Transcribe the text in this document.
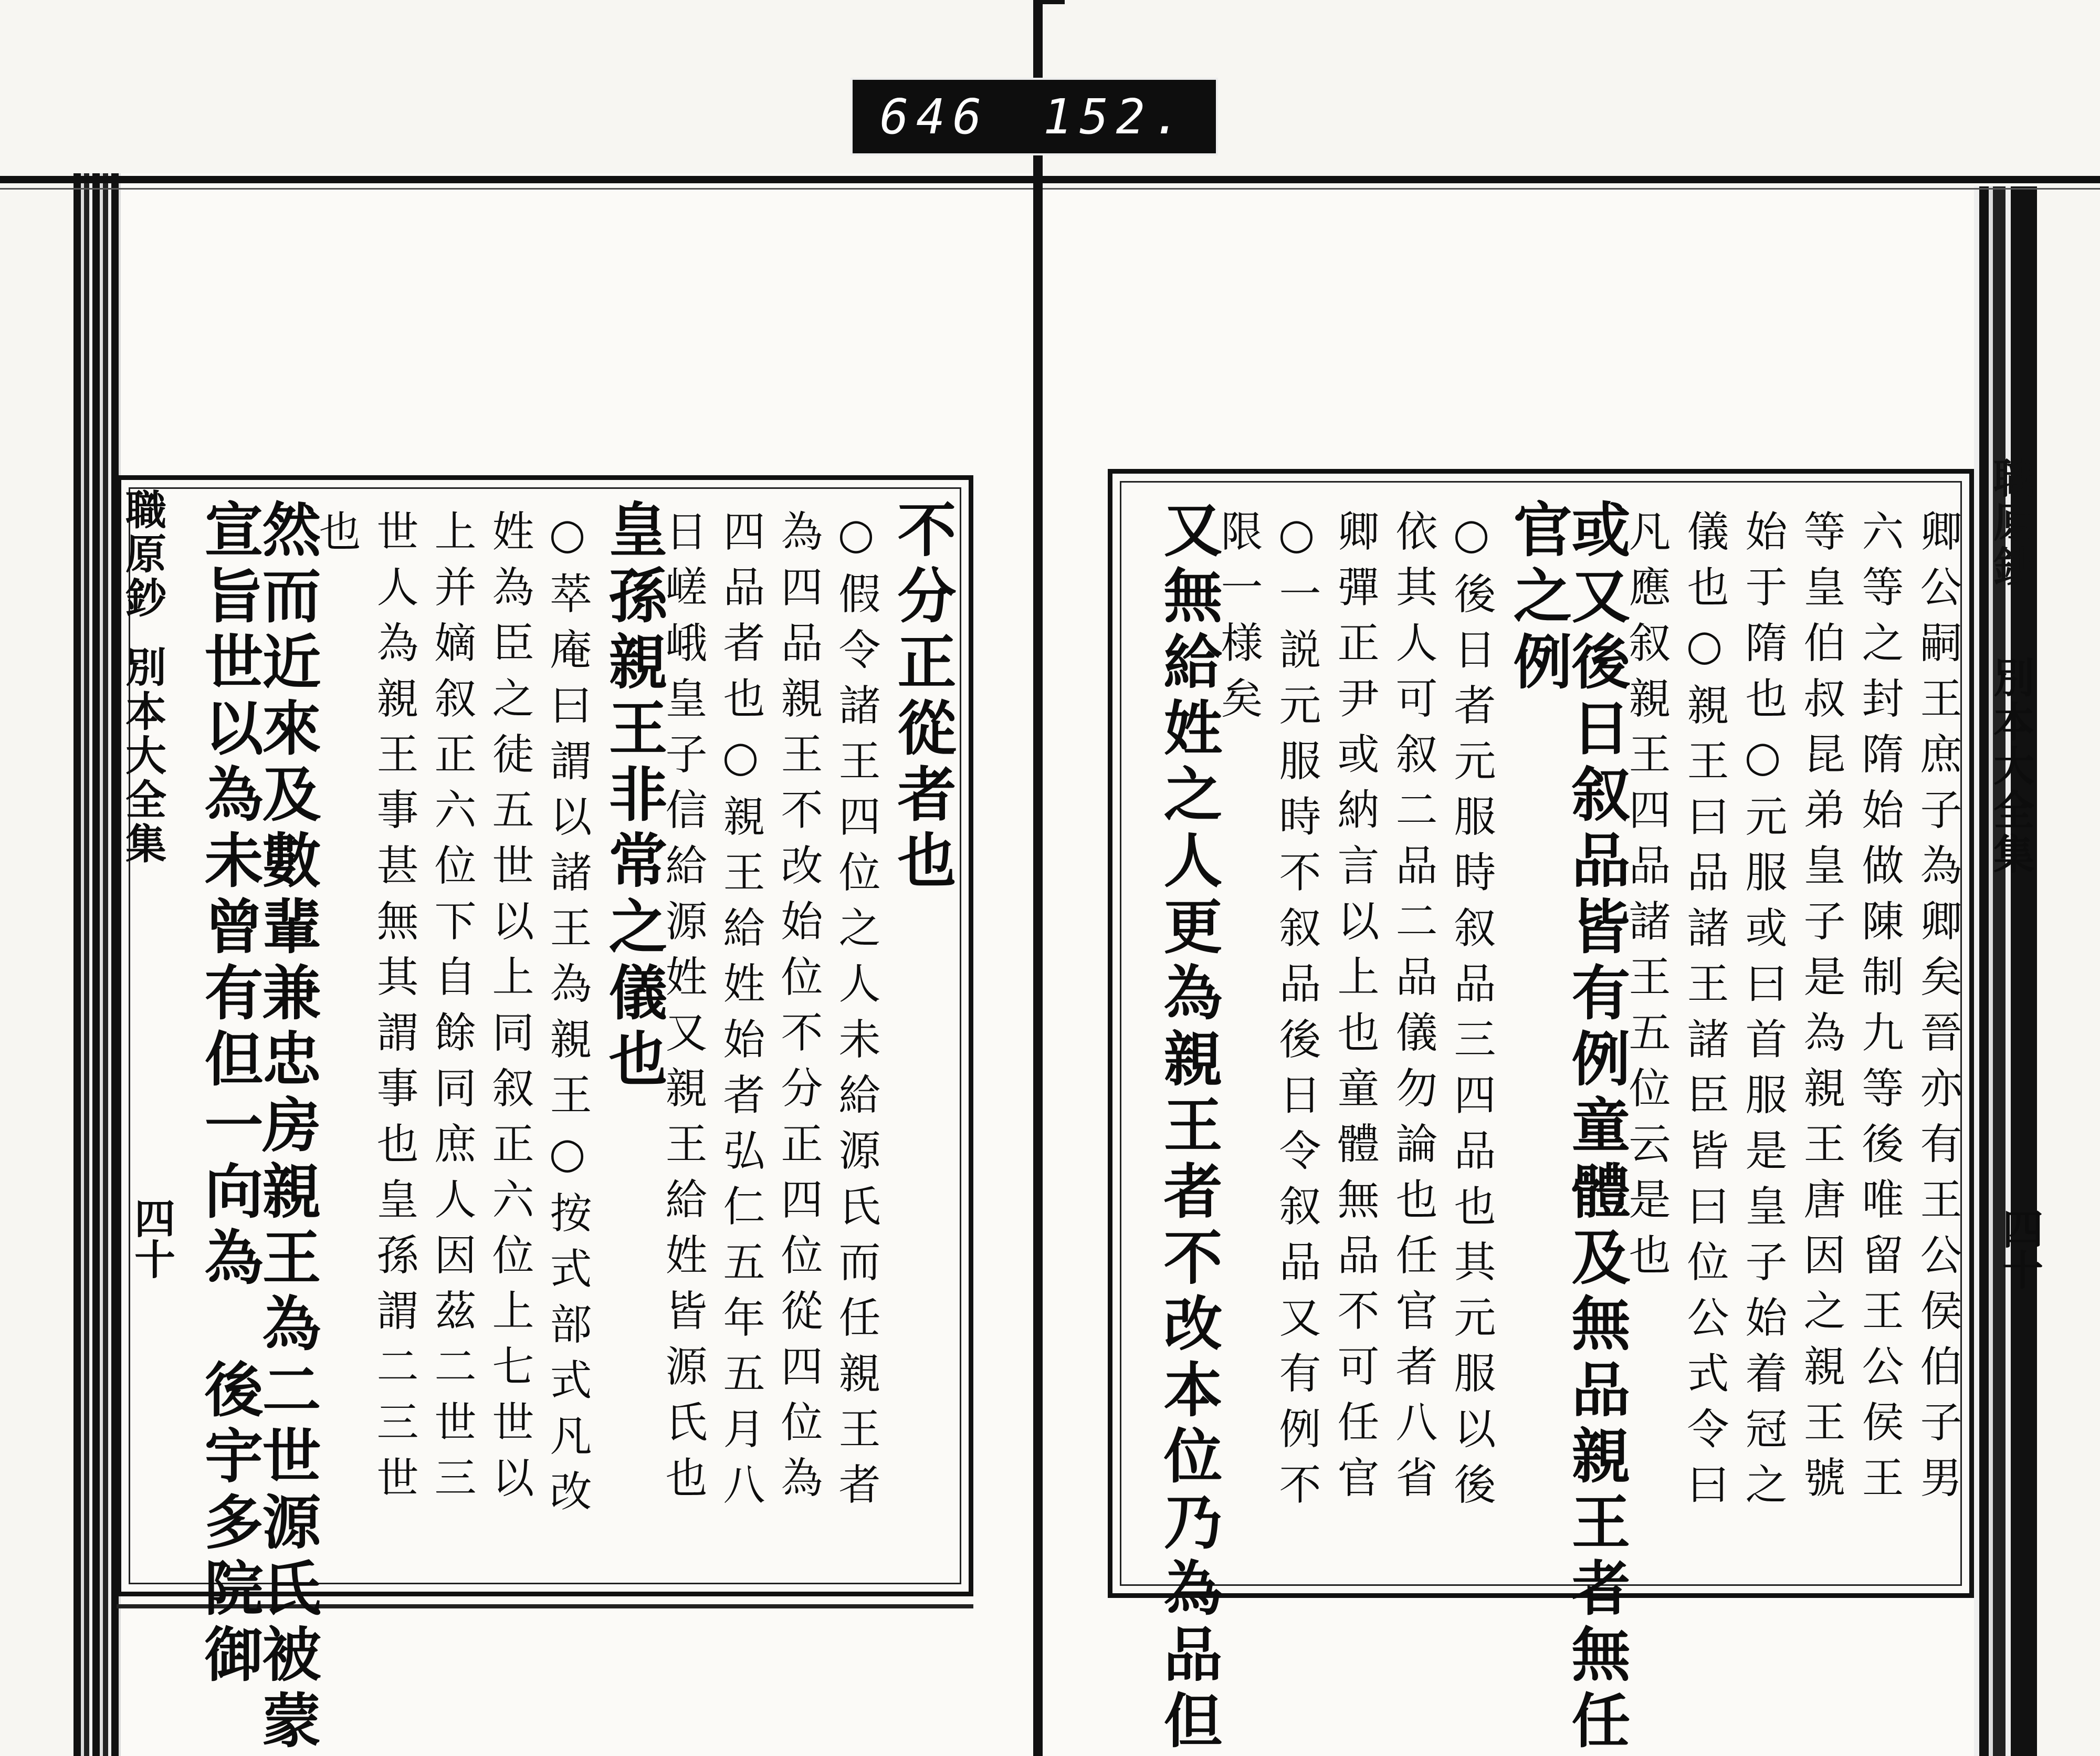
646 152.
職原鈔
別本大全集
四十
不分正從者也
○假令諸王四位之人未給源氏而任親王者
為四品親王不改始位不分正四位從四位為
四品者也○親王給姓始者弘仁五年五月八
日嵯峨皇子信給源姓又親王給姓皆源氏也
皇孫親王非常之儀也
○萃庵曰謂以諸王為親王○按式部式凡改
姓為臣之徒五世以上同叙正六位上七世以
上并嫡叙正六位下自餘同庶人因茲二世三
世人為親王事甚無其謂事也皇孫謂二三世
也
然而近來及數輩兼忠房親王為二世源氏被蒙
宣旨世以為未曾有但一向為　後宇多院御	職原鈔
別本大全集
四十
卿公嗣王庶子為卿矣晉亦有王公侯伯子男
六等之封隋始做陳制九等後唯留王公侯王
等皇伯叔昆弟皇子是為親王唐因之親王號
始于隋也○元服或曰首服是皇子始着冠之
儀也○親王曰品諸王諸臣皆曰位公式令曰
凡應叙親王四品諸王五位云是也
或又後日叙品皆有例童體及無品親王者無任
官之例
○後日者元服時叙品三四品也其元服以後
依其人可叙二品二品儀勿論也任官者八省
卿彈正尹或納言以上也童體無品不可任官
○一説元服時不叙品後日令叙品又有例不
限一様矣
又無給姓之人更為親王者不改本位乃為品但
